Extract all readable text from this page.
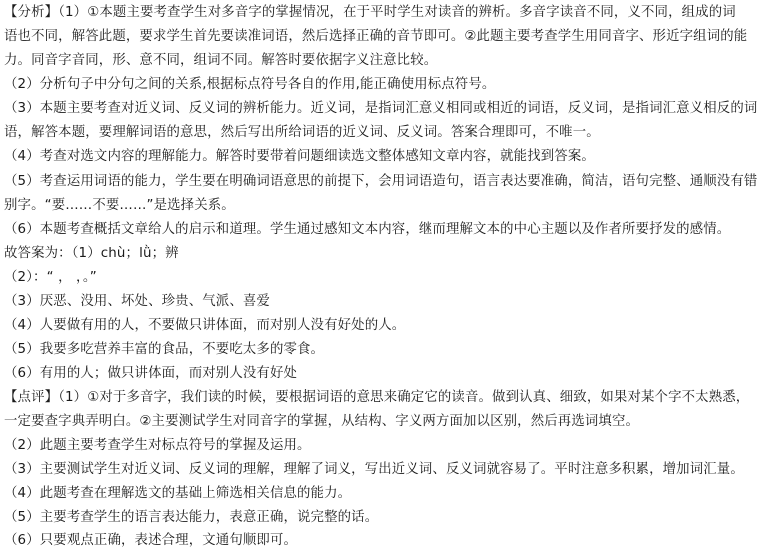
【分析】（1）①本题主要考查学生对多音字的掌握情况，在于平时学生对读音的辨析。多音字读音不同，义不同，组成的词
语也不同，解答此题，要求学生首先要读准词语，然后选择正确的音节即可。②此题主要考查学生用同音字、形近字组词的能
力。同音字音同，形、意不同，组词不同。解答时要依据字义注意比较。
（2）分析句子中分句之间的关系,根据标点符号各自的作用,能正确使用标点符号。
（3）本题主要考查对近义词、反义词的辨析能力。近义词，是指词汇意义相同或相近的词语，反义词，是指词汇意义相反的词
语，解答本题，要理解词语的意思，然后写出所给词语的近义词、反义词。答案合理即可，不唯一。
（4）考查对选文内容的理解能力。解答时要带着问题细读选文整体感知文章内容，就能找到答案。
（5）考查运用词语的能力，学生要在明确词语意思的前提下，会用词语造句，语言表达要准确，简洁，语句完整、通顺没有错
别字。“要……不要……”是选择关系。
（6）本题考查概括文章给人的启示和道理。学生通过感知文本内容，继而理解文本的中心主题以及作者所要抒发的感情。
故答案为：（1）chù；lǜ；辨
（2）：“ ， ，。”
（3）厌恶、没用、坏处、珍贵、气派、喜爱
（4）人要做有用的人，不要做只讲体面，而对别人没有好处的人。
（5）我要多吃营养丰富的食品，不要吃太多的零食。
（6）有用的人；做只讲体面，而对别人没有好处
【点评】（1）①对于多音字，我们读的时候，要根据词语的意思来确定它的读音。做到认真、细致，如果对某个字不太熟悉，
一定要查字典弄明白。②主要测试学生对同音字的掌握，从结构、字义两方面加以区别，然后再选词填空。
（2）此题主要考查学生对标点符号的掌握及运用。
（3）主要测试学生对近义词、反义词的理解，理解了词义，写出近义词、反义词就容易了。平时注意多积累，增加词汇量。
（4）此题考查在理解选文的基础上筛选相关信息的能力。
（5）主要考查学生的语言表达能力，表意正确，说完整的话。
（6）只要观点正确，表述合理，文通句顺即可。
